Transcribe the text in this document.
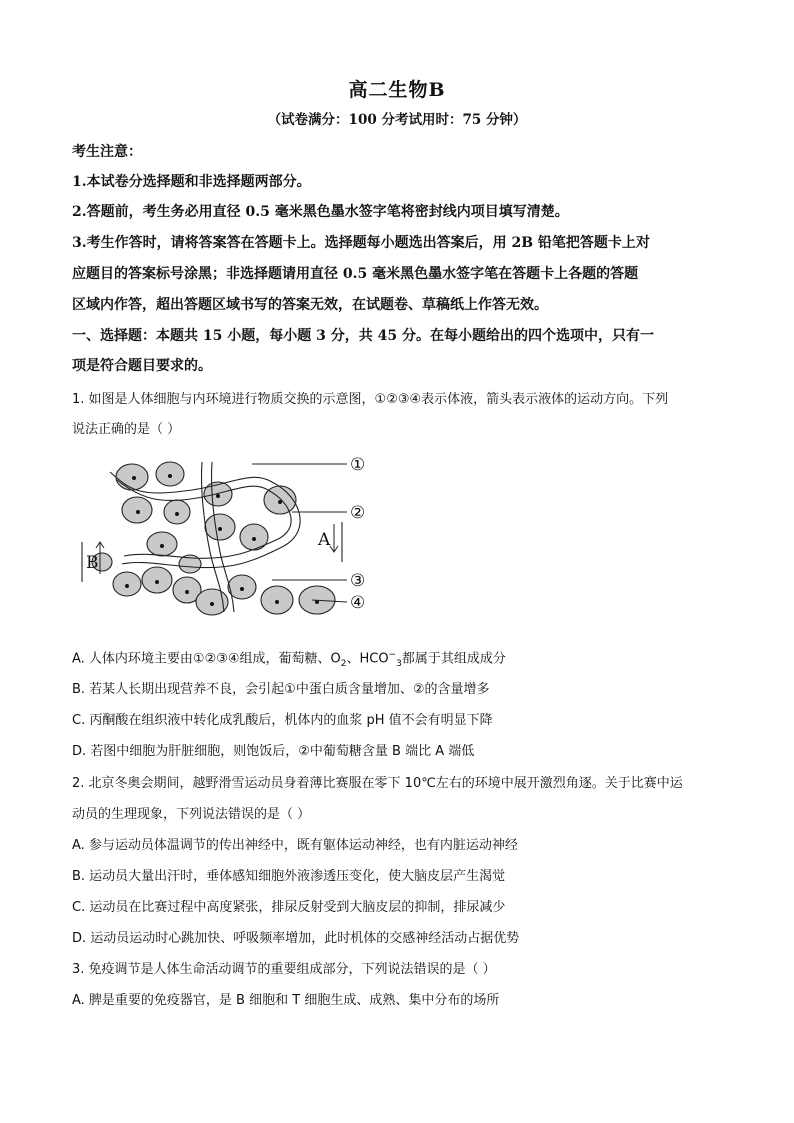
高二生物B
（试卷满分：100 分考试用时：75 分钟）
考生注意：
1.本试卷分选择题和非选择题两部分。
2.答题前，考生务必用直径 0.5 毫米黑色墨水签字笔将密封线内项目填写清楚。
3.考生作答时，请将答案答在答题卡上。选择题每小题选出答案后，用 2B 铅笔把答题卡上对
应题目的答案标号涂黑；非选择题请用直径 0.5 毫米黑色墨水签字笔在答题卡上各题的答题
区域内作答，超出答题区域书写的答案无效，在试题卷、草稿纸上作答无效。
一、选择题：本题共 15 小题，每小题 3 分，共 45 分。在每小题给出的四个选项中，只有一
项是符合题目要求的。
1. 如图是人体细胞与内环境进行物质交换的示意图，①②③④表示体液，箭头表示液体的运动方向。下列
说法正确的是（ ）
①
②
③
④
A
B
A. 人体内环境主要由①②③④组成，葡萄糖、$O_2$、$HCO^-_3$都属于其组成成分
B. 若某人长期出现营养不良，会引起①中蛋白质含量增加、②的含量增多
C. 丙酮酸在组织液中转化成乳酸后，机体内的血浆 pH 值不会有明显下降
D. 若图中细胞为肝脏细胞，则饱饭后，②中葡萄糖含量 B 端比 A 端低
2. 北京冬奥会期间，越野滑雪运动员身着薄比赛服在零下 10℃左右的环境中展开激烈角逐。关于比赛中运
动员的生理现象，下列说法错误的是（ ）
A. 参与运动员体温调节的传出神经中，既有躯体运动神经，也有内脏运动神经
B. 运动员大量出汗时，垂体感知细胞外液渗透压变化，使大脑皮层产生渴觉
C. 运动员在比赛过程中高度紧张，排尿反射受到大脑皮层的抑制，排尿减少
D. 运动员运动时心跳加快、呼吸频率增加，此时机体的交感神经活动占据优势
3. 免疫调节是人体生命活动调节的重要组成部分，下列说法错误的是（ ）
A. 脾是重要的免疫器官，是 B 细胞和 T 细胞生成、成熟、集中分布的场所
